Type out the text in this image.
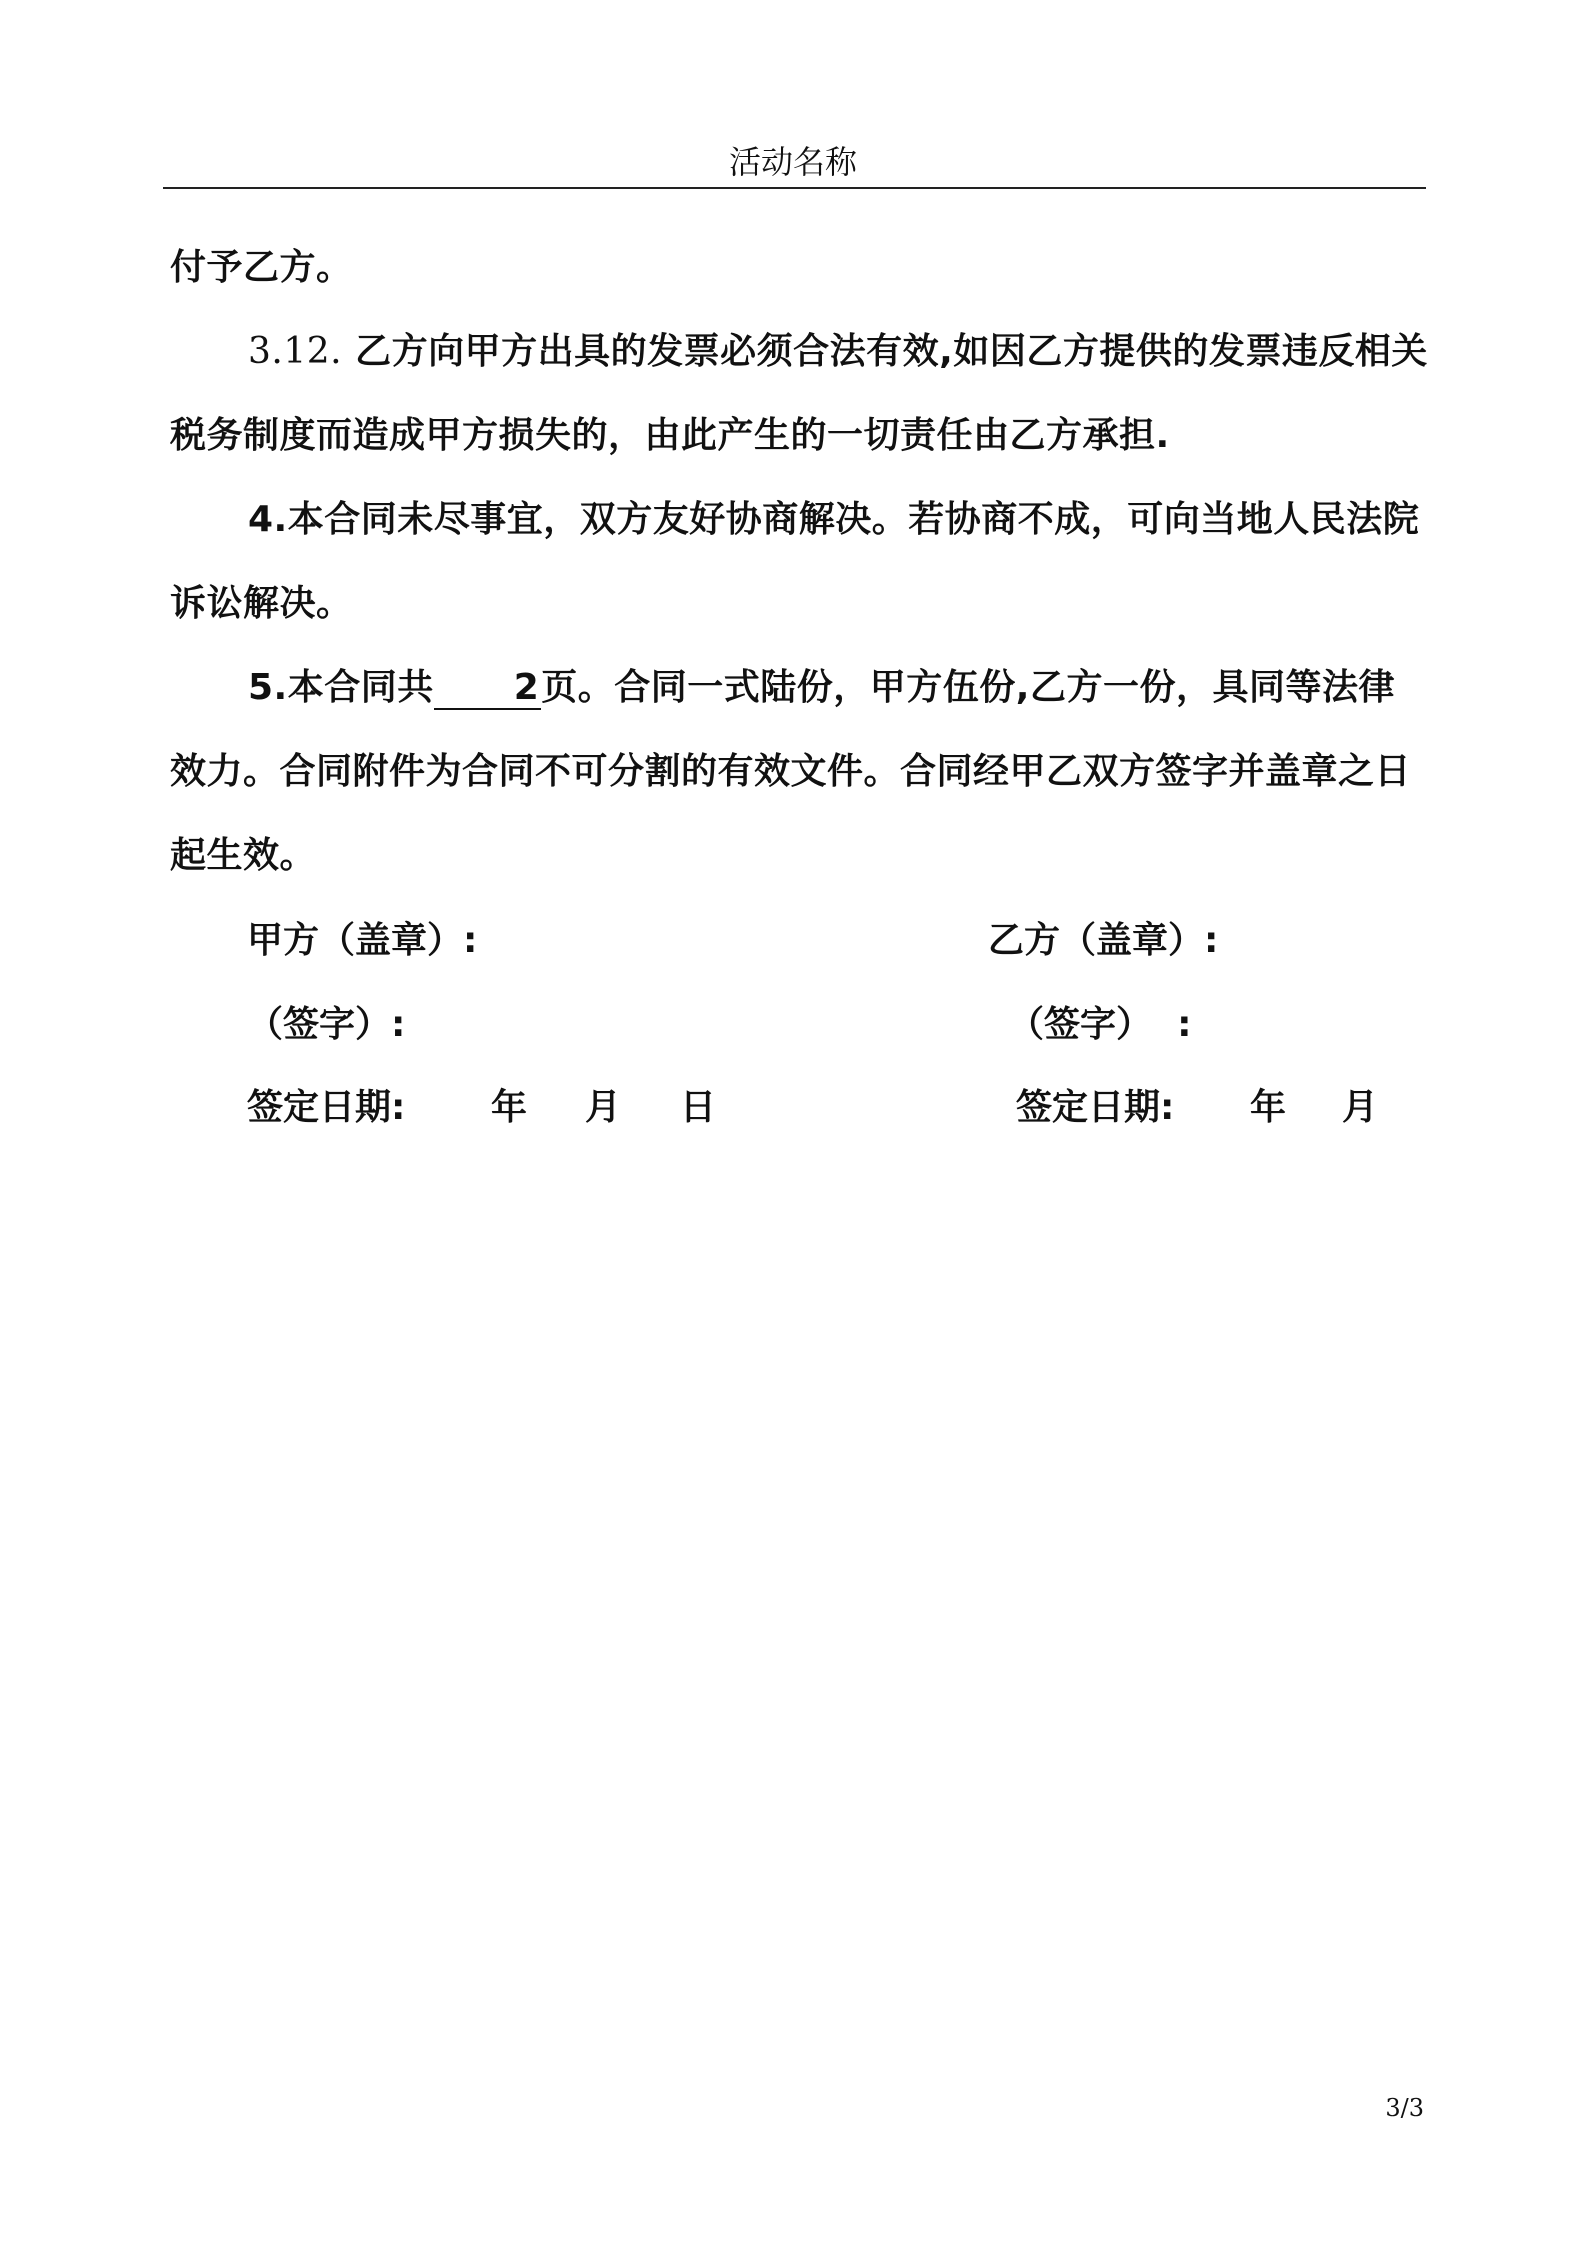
活动名称

付予乙方。

3.12. 乙方向甲方出具的发票必须合法有效,如因乙方提供的发票违反相关税务制度而造成甲方损失的，由此产生的一切责任由乙方承担.

4.本合同未尽事宜，双方友好协商解决。若协商不成，可向当地人民法院诉讼解决。

5.本合同共 2页。合同一式陆份，甲方伍份,乙方一份，具同等法律效力。合同附件为合同不可分割的有效文件。合同经甲乙双方签字并盖章之日起生效。

甲方（盖章）:
（签字）:
签定日期: 年 月 日
乙方（盖章）:
（签字）  :
签定日期: 年 月
3/3
